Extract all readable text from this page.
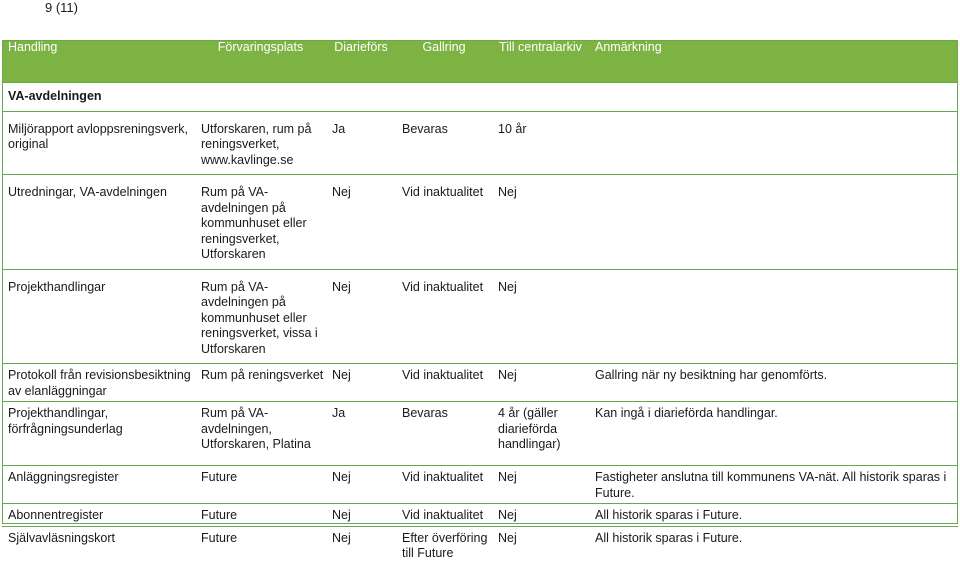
9 (11)
Handling	Förvaringsplats	Diarieförs	Gallring	Till centralarkiv	Anmärkning
VA-avdelningen					
Miljörapport avloppsreningsverk, original	Utforskaren, rum på reningsverket, www.kavlinge.se	Ja	Bevaras	10 år	
Utredningar, VA-avdelningen	Rum på VA-avdelningen på kommunhuset eller reningsverket, Utforskaren	Nej	Vid inaktualitet	Nej	
Projekthandlingar	Rum på VA-avdelningen på kommunhuset eller reningsverket, vissa i Utforskaren	Nej	Vid inaktualitet	Nej	
Protokoll från revisionsbesiktning av elanläggningar	Rum på reningsverket	Nej	Vid inaktualitet	Nej	Gallring när ny besiktning har genomförts.
Projekthandlingar, förfrågningsunderlag	Rum på VA-avdelningen, Utforskaren, Platina	Ja	Bevaras	4 år (gäller diarieförda handlingar)	Kan ingå i diarieförda handlingar.
Anläggningsregister	Future	Nej	Vid inaktualitet	Nej	Fastigheter anslutna till kommunens VA-nät. All historik sparas i Future.
Abonnentregister	Future	Nej	Vid inaktualitet	Nej	All historik sparas i Future.
Självavläsningskort	Future	Nej	Efter överföring till Future	Nej	All historik sparas i Future.
